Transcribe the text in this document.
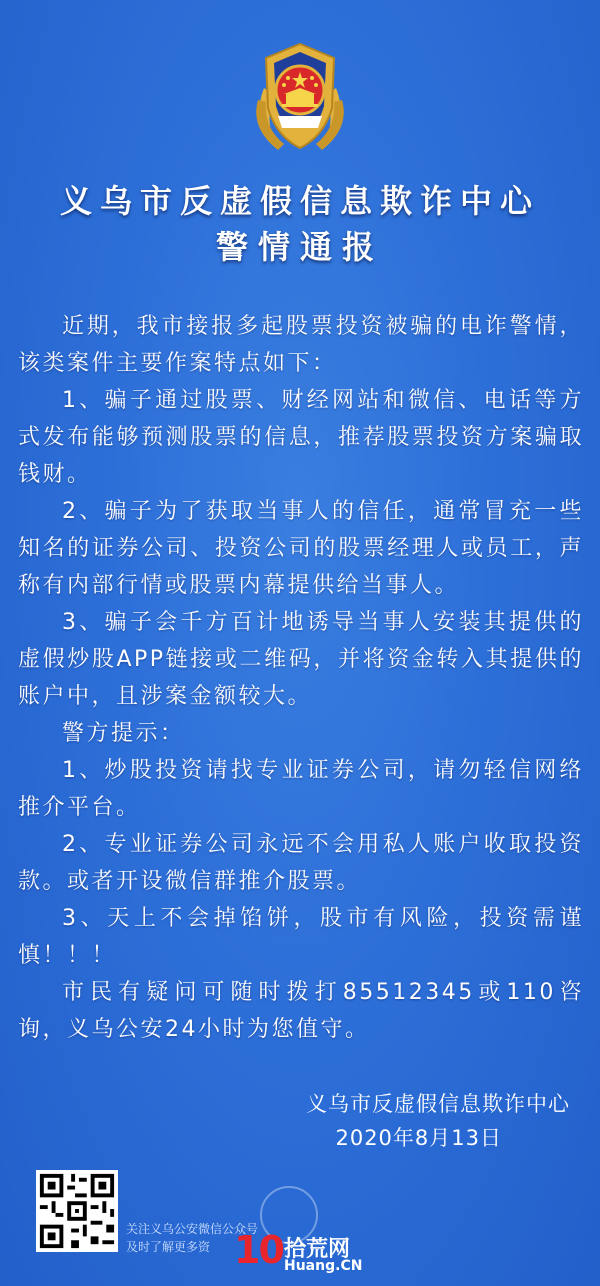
义乌市反虚假信息欺诈中心
警情通报

近期，我市接报多起股票投资被骗的电诈警情，该类案件主要作案特点如下：

1、骗子通过股票、财经网站和微信、电话等方式发布能够预测股票的信息，推荐股票投资方案骗取钱财。

2、骗子为了获取当事人的信任，通常冒充一些知名的证券公司、投资公司的股票经理人或员工，声称有内部行情或股票内幕提供给当事人。

3、骗子会千方百计地诱导当事人安装其提供的虚假炒股APP链接或二维码，并将资金转入其提供的账户中，且涉案金额较大。

警方提示：

1、炒股投资请找专业证券公司，请勿轻信网络推介平台。

2、专业证券公司永远不会用私人账户收取投资款。或者开设微信群推介股票。

3、天上不会掉馅饼，股市有风险，投资需谨慎！！！

市民有疑问可随时拨打85512345或110咨询，义乌公安24小时为您值守。

义乌市反虚假信息欺诈中心
2020年8月13日
关注义乌公安微信公众号
及时了解更多资 10 拾荒网
Huang.CN
